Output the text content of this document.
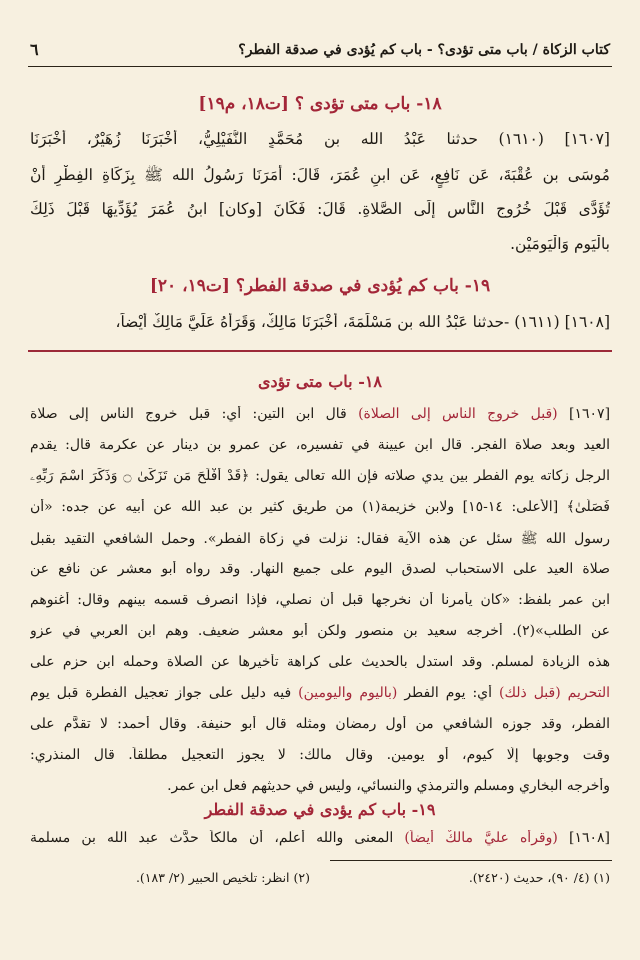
كتاب الزكاة / باب متى تؤدى؟ - باب كم يُؤدى في صدقة الفطر؟
٦
١٨- باب متى تؤدى ؟ [ت١٨، م١٩]
[١٦٠٧] (١٦١٠) حدثنا عَبْدُ الله بن مُحَمَّدٍ النُّفَيْلِيُّ، أَخْبَرَنَا زُهَيْرٌ، أَخْبَرَنَا
مُوسَى بن عُقْبَةَ، عَن نَافِعٍ، عَن ابنِ عُمَرَ، قَالَ: أَمَرَنَا رَسُولُ الله ﷺ بِزَكَاةِ الفِطْرِ أَنْ
تُؤَدَّى قَبْلَ خُرُوجِ النَّاسِ إِلَى الصَّلاةِ. قَالَ: فَكَانَ [وكان] ابنُ عُمَرَ يُؤَدِّيهَا قَبْلَ ذَلِكَ
بالْيَومِ وَالْيَومَيْنِ.
١٩- باب كم يُؤدى في صدقة الفطر؟ [ت١٩، ٢٠]
[١٦٠٨] (١٦١١) -حدثنا عَبْدُ الله بن مَسْلَمَةَ، أَخْبَرَنَا مَالِكٌ، وَقَرَأَهُ عَلَيَّ مَالِكٌ أَيْضاً،
١٨- باب متى تؤدى
[١٦٠٧] (قبل خروج الناس إلى الصلاة) قال ابن التين: أي: قبل خروج الناس إلى صلاة
العيد وبعد صلاة الفجر. قال ابن عيينة في تفسيره، عن عمرو بن دينار عن عكرمة قال: يقدم
الرجل زكاته يوم الفطر بين يدي صلاته فإن الله تعالى يقول: ﴿قَدْ أَفْلَحَ مَن تَزَكَّىٰ ۝ وَذَكَرَ اسْمَ رَبِّهِۦ
فَصَلَّىٰ﴾ [الأعلى: ١٤-١٥] ولابن خزيمة(١) من طريق كثير بن عبد الله عن أبيه عن جده: «أن
رسول الله ﷺ سئل عن هذه الآية فقال: نزلت في زكاة الفطر». وحمل الشافعي التقيد بقبل
صلاة العيد على الاستحباب لصدق اليوم على جميع النهار. وقد رواه أبو معشر عن نافع عن
ابن عمر بلفظ: «كان يأمرنا أن نخرجها قبل أن نصلي، فإذا انصرف قسمه بينهم وقال: أغنوهم
عن الطلب»(٢). أخرجه سعيد بن منصور ولكن أبو معشر ضعيف. وهم ابن العربي في عزو
هذه الزيادة لمسلم. وقد استدل بالحديث على كراهة تأخيرها عن الصلاة وحمله ابن حزم على
التحريم (قبل ذلك) أي: يوم الفطر (باليوم واليومين) فيه دليل على جواز تعجيل الفطرة قبل يوم
الفطر، وقد جوزه الشافعي من أول رمضان ومثله قال أبو حنيفة. وقال أحمد: لا تقدَّم على
وقت وجوبها إلَّا كيوم، أو يومين. وقال مالك: لا يجوز التعجيل مطلقاً. قال المنذري:
وأخرجه البخاري ومسلم والترمذي والنسائي، وليس في حديثهم فعل ابن عمر.
١٩- باب كم يؤدى في صدقة الفطر
[١٦٠٨] (وقرأه عليَّ مالكٌ أيضاً) المعنى والله أعلم، أن مالكاً حدَّث عبد الله بن مسلمة
(١) (٤/ ٩٠)، حديث (٢٤٢٠).
(٢) انظر: تلخيص الحبير (٢/ ١٨٣).
